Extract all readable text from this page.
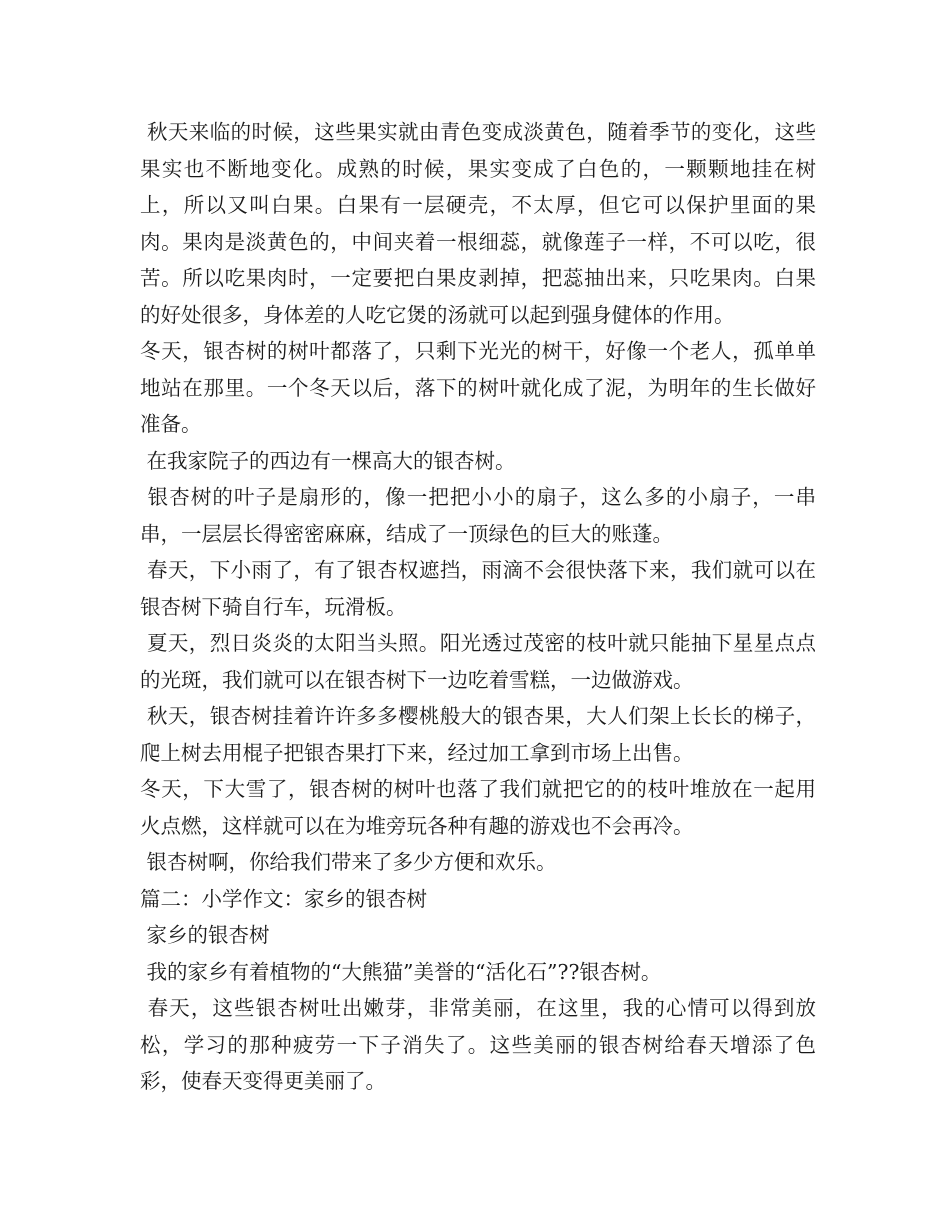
秋天来临的时候，这些果实就由青色变成淡黄色，随着季节的变化，这些果实也不断地变化。成熟的时候，果实变成了白色的，一颗颗地挂在树上，所以又叫白果。白果有一层硬壳，不太厚，但它可以保护里面的果肉。果肉是淡黄色的，中间夹着一根细蕊，就像莲子一样，不可以吃，很苦。所以吃果肉时，一定要把白果皮剥掉，把蕊抽出来，只吃果肉。白果的好处很多，身体差的人吃它煲的汤就可以起到强身健体的作用。

冬天，银杏树的树叶都落了，只剩下光光的树干，好像一个老人，孤单单地站在那里。一个冬天以后，落下的树叶就化成了泥，为明年的生长做好准备。

在我家院子的西边有一棵高大的银杏树。

银杏树的叶子是扇形的，像一把把小小的扇子，这么多的小扇子，一串串，一层层长得密密麻麻，结成了一顶绿色的巨大的账蓬。

春天，下小雨了，有了银杏权遮挡，雨滴不会很快落下来，我们就可以在银杏树下骑自行车，玩滑板。

夏天，烈日炎炎的太阳当头照。阳光透过茂密的枝叶就只能抽下星星点点的光斑，我们就可以在银杏树下一边吃着雪糕，一边做游戏。

秋天，银杏树挂着许许多多樱桃般大的银杏果，大人们架上长长的梯子，爬上树去用棍子把银杏果打下来，经过加工拿到市场上出售。

冬天，下大雪了，银杏树的树叶也落了我们就把它的的枝叶堆放在一起用火点燃，这样就可以在为堆旁玩各种有趣的游戏也不会再冷。

银杏树啊，你给我们带来了多少方便和欢乐。

篇二：小学作文：家乡的银杏树

家乡的银杏树

我的家乡有着植物的“大熊猫”美誉的“活化石”??银杏树。

春天，这些银杏树吐出嫩芽，非常美丽，在这里，我的心情可以得到放松，学习的那种疲劳一下子消失了。这些美丽的银杏树给春天增添了色彩，使春天变得更美丽了。
